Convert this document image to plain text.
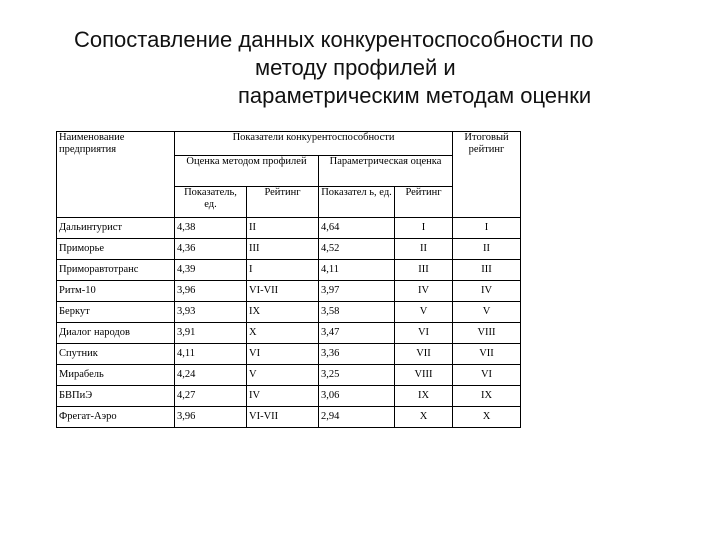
Сопоставление данных конкурентоспособности по
методу профилей и
параметрическим методам оценки
Наименование предприятия	Показатели конкурентоспособности				Итоговый рейтинг
	Оценка методом профилей		Параметрическая оценка		
	Показатель, ед.	Рейтинг	Показател ь, ед.	Рейтинг	
Дальинтурист	4,38	II	4,64	I	I
Приморье	4,36	III	4,52	II	II
Приморавтотранс	4,39	I	4,11	III	III
Ритм-10	3,96	VI-VII	3,97	IV	IV
Беркут	3,93	IX	3,58	V	V
Диалог народов	3,91	X	3,47	VI	VIII
Спутник	4,11	VI	3,36	VII	VII
Мирабель	4,24	V	3,25	VIII	VI
БВПиЭ	4,27	IV	3,06	IX	IX
Фрегат-Аэро	3,96	VI-VII	2,94	X	X
